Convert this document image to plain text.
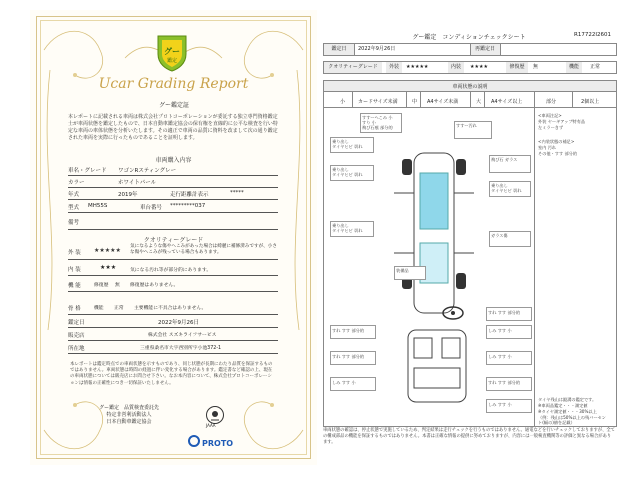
グー
鑑定
Ucar Grading Report
グー鑑定証
本レポートに記載される車両は株式会社プロトコーポレーションが委託する独立専門資格鑑定士が車両状態を鑑定したもので、日本自動車鑑定協会の保有権を直線的に公平な検査を行い特定な車両の車体状態を分析いたします。その適正で車両の品質に資料を改まして次の通り鑑定された車両を実際に行ったものであることを証明します。
車両購入内容
車名・グレード ワゴンRスティングレー
カラー	ホワイトパール
年式	2019年	走行距離計表示	*****
型式 MH55S	車台番号 *********037
備考
クオリティーグレード
外 装 ★★★★★
気になるような傷やへこみがあった場合は綺麗に補修済みですが、小さな傷やへこみが残っている場合もあります。
内 装	★★★	気になる汚れ等が部分的にあります。
機 能	修復歴 無 修復歴はありません。
骨 格	機能 正常 主要機能に不具合はありません。
鑑定日	2022年9月26日
販売店	株式会社 スズキライフサービス
所在地	三重県桑名市大字西別所字小池372-1
本レポートは鑑定時点での車両状態を示すものであり、同じ状態が長期にわたり品質を保証するものではありません。車両状態は時間の経過に伴い変化する場合があります。鑑定書など確認の上、現在の車両状態については販売店にお問合せ下さい。なお本内容について、株式会社プロトコーポレーションは情報の正確性につき一切保証いたしません。
グー鑑定　品質検査委託先
特定非営利活動法人
日本自動車鑑定協会
JAAA
PROTO
グー鑑定　コンディションチェックシート	R17722I2601
鑑定日	2022年9月26日	再鑑定日
クオリティーグレード	外装	★★★★★	内装	★★★★	修復歴	無	機能	正常
車両状態の説明
小	カードサイズ未満	中 A4サイズ未満	大 A4サイズ以上	部分	2個以上
すすーへこみ 小
すり 小
飛び石痕 部分的	すすー汚れ
乗り出し
タイヤヒビ 切れ
乗り出し
タイヤヒビ 切れ
飛び石 ガラス
乗り出し
タイヤヒビ 切れ
乗り出し
タイヤヒビ 切れ
ガラス傷
装備品
すれ すす 部分的
すれ すす 部分的	しみ すす 小
すれ すす 部分的	しみ すす 小
しみ すす 小	すれ すす 部分的
しみ すす 小
<車両注記>
外装 ヤーギアップ特有品
左ミラーきず
<内装状態の補足>
室内 汚れ
その他・すす 部分的
タイヤ残山は縦溝の鑑定です。
※車両品鑑定・・・測定値
※タイヤ測定値・・・30%以上
（例：残山は50%以上の残バーセン
ト(幅の)値を記載）
車両状態の確認は、停止状態で実施しているため、判定結果は走行チェックを行うものではありません。通電などを行いチェックしておりますが、全ての構成部品の機能を保証するものではありません。本書は正確な情報の提供に努めておりますが、内容には一般検査機関等の評価と異なる場合があります。
